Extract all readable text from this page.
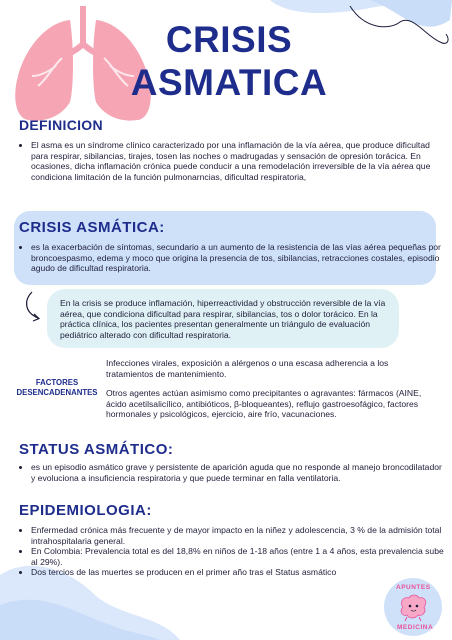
CRISIS
ASMATICA
DEFINICION
• El asma es un síndrome clínico caracterizado por una inflamación de la vía aérea, que produce dificultad para respirar, sibilancias, tirajes, tosen las noches o madrugadas y sensación de opresión torácica. En ocasiones, dicha inflamación crónica puede conducir a una remodelación irreversible de la vía aérea que condiciona limitación de la función pulmonarncias, dificultad respiratoria,
CRISIS ASMÁTICA:
• es la exacerbación de síntomas, secundario a un aumento de la resistencia de las vías aérea pequeñas por broncoespasmo, edema y moco que origina la presencia de tos, sibilancias, retracciones costales, episodio agudo de dificultad respiratoria.
En la crisis se produce inflamación, hiperreactividad y obstrucción reversible de la vía aérea, que condiciona dificultad para respirar, sibilancias, tos o dolor torácico. En la práctica clínica, los pacientes presentan generalmente un triángulo de evaluación pediátrico alterado con dificultad respiratoria.
FACTORES
DESENCADENANTES
Infecciones virales, exposición a alérgenos o una escasa adherencia a los tratamientos de mantenimiento.
Otros agentes actúan asimismo como precipitantes o agravantes: fármacos (AINE, ácido acetilsalicílico, antibióticos, β-bloqueantes), reflujo gastroesofágico, factores hormonales y psicológicos, ejercicio, aire frío, vacunaciones.
STATUS ASMÁTICO:
• es un episodio asmático grave y persistente de aparición aguda que no responde al manejo broncodilatador y evoluciona a insuficiencia respiratoria y que puede terminar en falla ventilatoria.
EPIDEMIOLOGIA:
• Enfermedad crónica más frecuente y de mayor impacto en la niñez y adolescencia, 3 % de la admisión total intrahospitalaria general.
• En Colombia: Prevalencia total es del 18,8% en niños de 1-18 años (entre 1 a 4 años, esta prevalencia sube al 29%).
• Dos tercios de las muertes se producen en el primer año tras el Status asmático
APUNTES
MEDICINA
